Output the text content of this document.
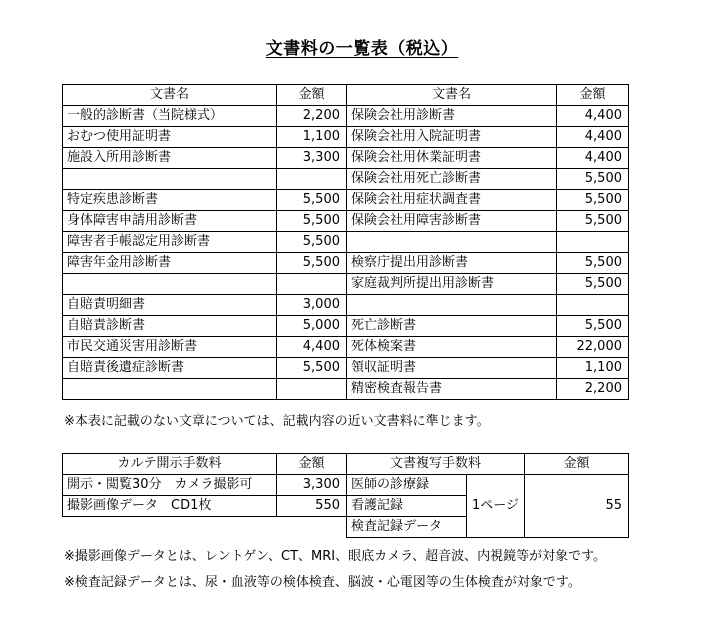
文書料の一覧表（税込）
文書名	金額	文書名	金額
一般的診断書（当院様式）	2,200	保険会社用診断書	4,400
おむつ使用証明書	1,100	保険会社用入院証明書	4,400
施設入所用診断書	3,300	保険会社用休業証明書	4,400
		保険会社用死亡診断書	5,500
特定疾患診断書	5,500	保険会社用症状調査書	5,500
身体障害申請用診断書	5,500	保険会社用障害診断書	5,500
障害者手帳認定用診断書	5,500		
障害年金用診断書	5,500	検察庁提出用診断書	5,500
		家庭裁判所提出用診断書	5,500
自賠責明細書	3,000		
自賠責診断書	5,000	死亡診断書	5,500
市民交通災害用診断書	4,400	死体検案書	22,000
自賠責後遺症診断書	5,500	領収証明書	1,100
		精密検査報告書	2,200
※本表に記載のない文章については、記載内容の近い文書料に準じます。
カルテ開示手数料	金額	文書複写手数料		金額
開示・閲覧30分　カメラ撮影可	3,300	医師の診療録	1ページ	55
撮影画像データ　CD1枚	550	看護記録		
		検査記録データ		
※撮影画像データとは、レントゲン、CT、MRI、眼底カメラ、超音波、内視鏡等が対象です。
※検査記録データとは、尿・血液等の検体検査、脳波・心電図等の生体検査が対象です。
